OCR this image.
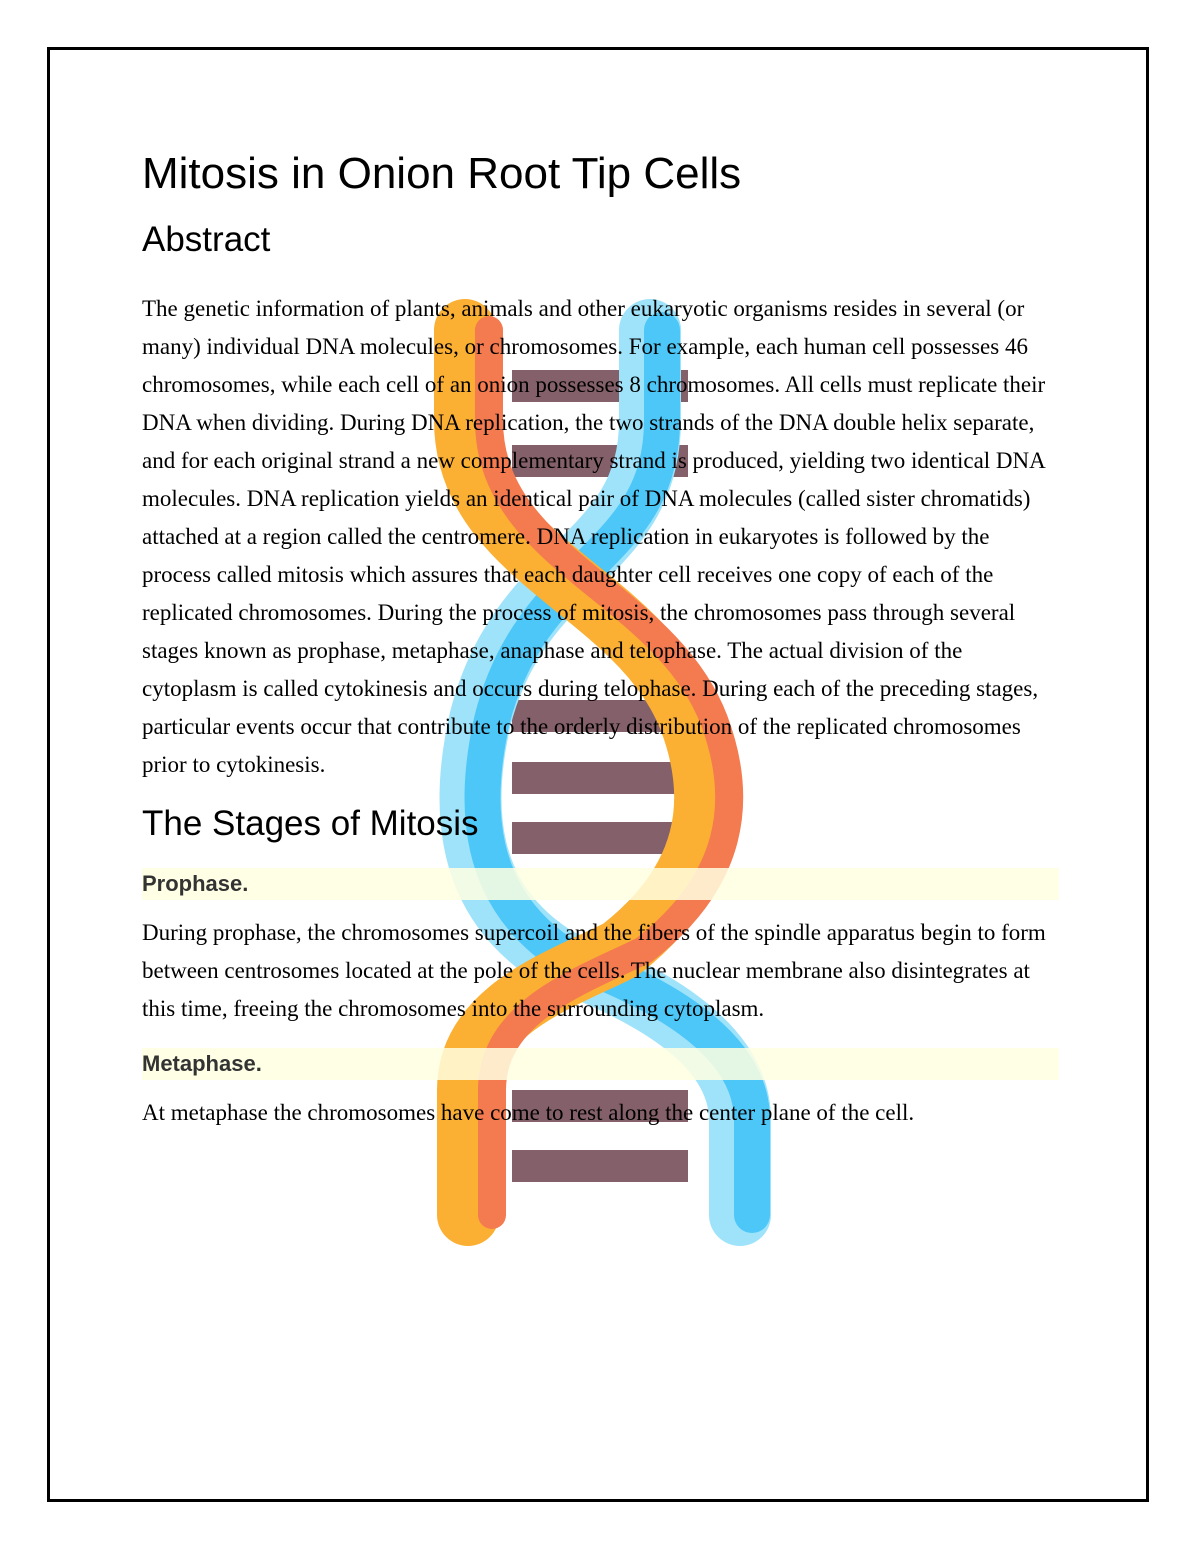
Mitosis in Onion Root Tip Cells
Abstract

The genetic information of plants, animals and other eukaryotic organisms resides in several (or many) individual DNA molecules, or chromosomes. For example, each human cell possesses 46 chromosomes, while each cell of an onion possesses 8 chromosomes. All cells must replicate their DNA when dividing. During DNA replication, the two strands of the DNA double helix separate, and for each original strand a new complementary strand is produced, yielding two identical DNA molecules. DNA replication yields an identical pair of DNA molecules (called sister chromatids) attached at a region called the centromere. DNA replication in eukaryotes is followed by the process called mitosis which assures that each daughter cell receives one copy of each of the replicated chromosomes. During the process of mitosis, the chromosomes pass through several stages known as prophase, metaphase, anaphase and telophase. The actual division of the cytoplasm is called cytokinesis and occurs during telophase. During each of the preceding stages, particular events occur that contribute to the orderly distribution of the replicated chromosomes prior to cytokinesis.

The Stages of Mitosis
Prophase.

During prophase, the chromosomes supercoil and the fibers of the spindle apparatus begin to form between centrosomes located at the pole of the cells. The nuclear membrane also disintegrates at this time, freeing the chromosomes into the surrounding cytoplasm.

Metaphase.

At metaphase the chromosomes have come to rest along the center plane of the cell.
